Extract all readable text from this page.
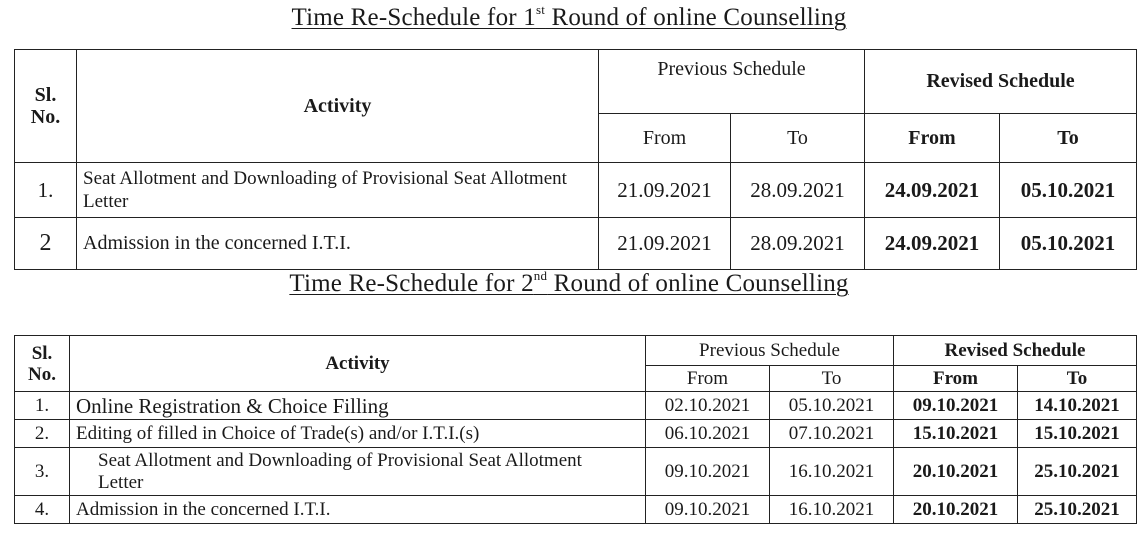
Time Re-Schedule for 1st Round of online Counselling
Sl.
No.	Activity	Previous Schedule		Revised Schedule	
		From	To	From	To
1.	Seat Allotment and Downloading of Provisional Seat Allotment Letter	21.09.2021	28.09.2021	24.09.2021	05.10.2021
2	Admission in the concerned I.T.I.	21.09.2021	28.09.2021	24.09.2021	05.10.2021
Time Re-Schedule for 2nd Round of online Counselling
Sl.
No.	Activity	Previous Schedule		Revised Schedule	
		From	To	From	To
1.	Online Registration & Choice Filling	02.10.2021	05.10.2021	09.10.2021	14.10.2021
2.	Editing of filled in Choice of Trade(s) and/or I.T.I.(s)	06.10.2021	07.10.2021	15.10.2021	15.10.2021
3.	Seat Allotment and Downloading of Provisional Seat Allotment Letter	09.10.2021	16.10.2021	20.10.2021	25.10.2021
4.	Admission in the concerned I.T.I.	09.10.2021	16.10.2021	20.10.2021	25.10.2021
